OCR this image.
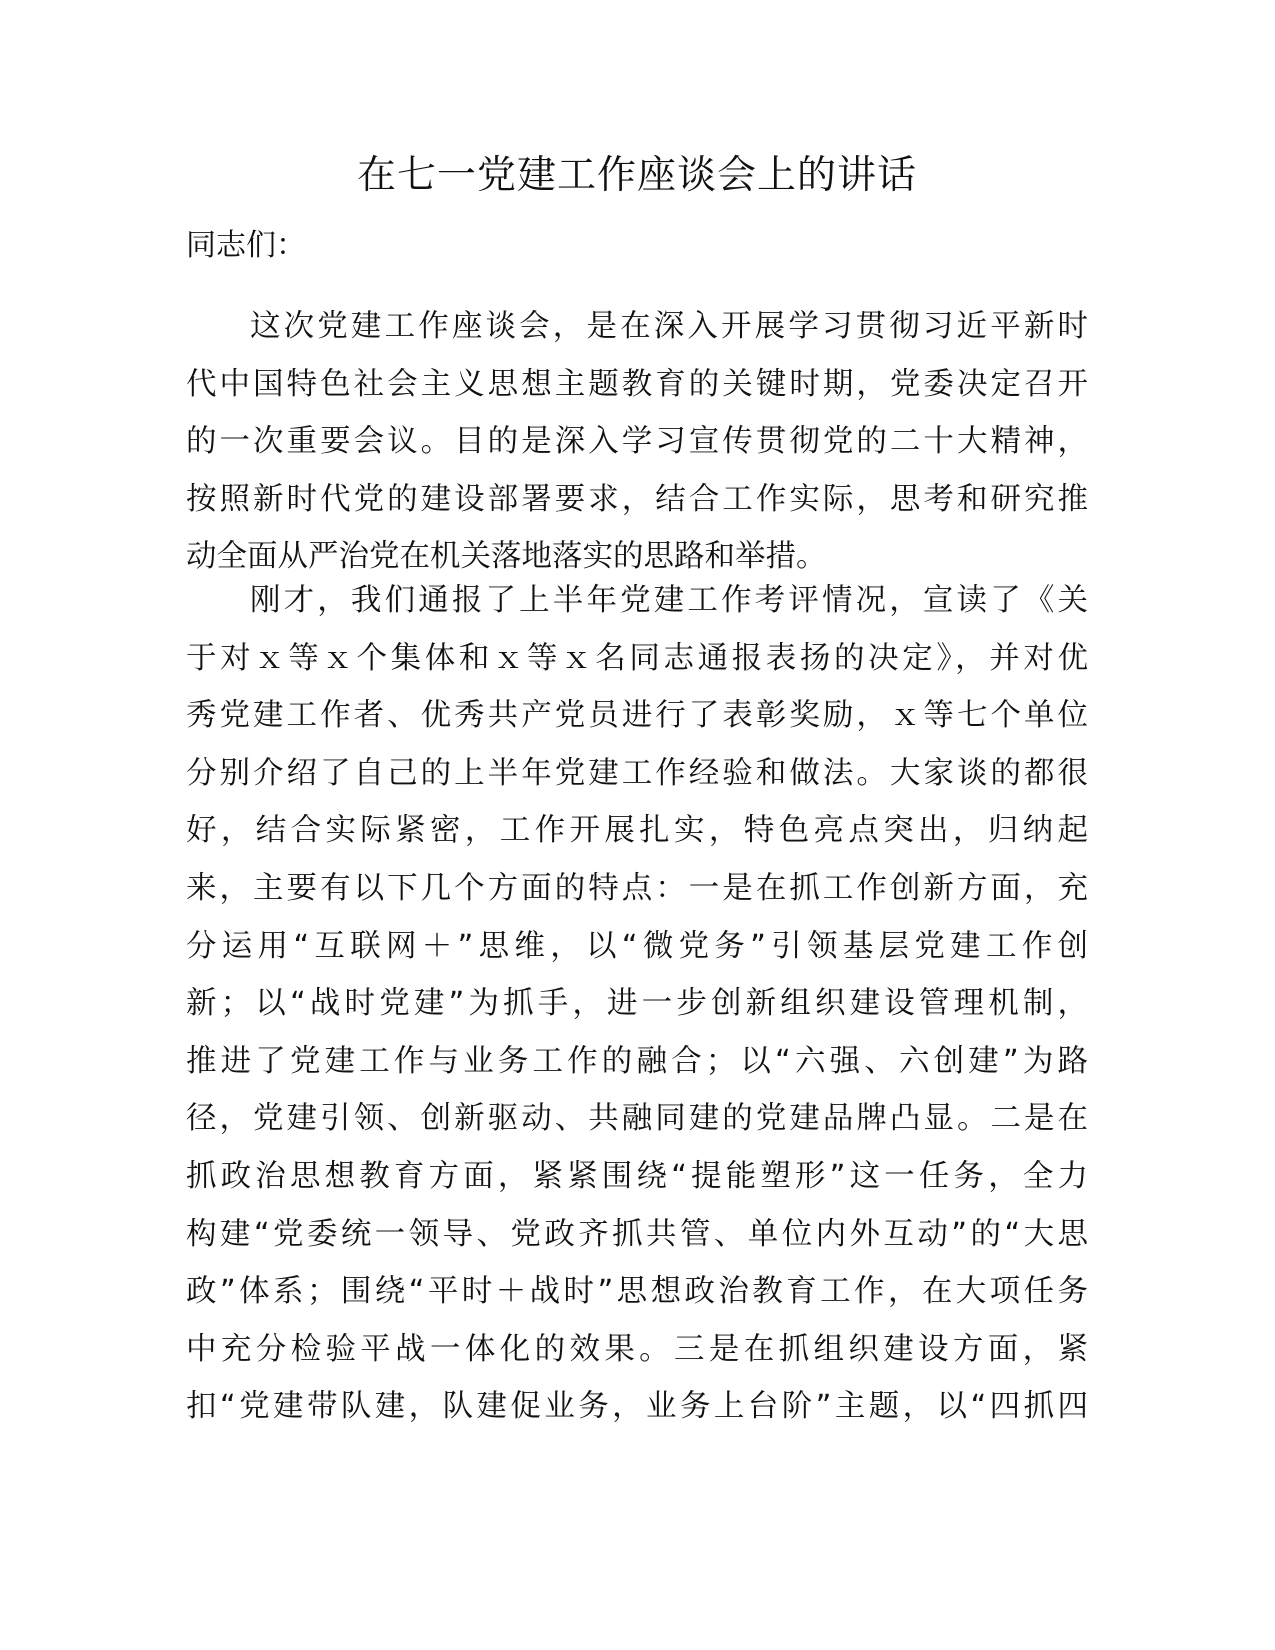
在七一党建工作座谈会上的讲话

同志们：

这次党建工作座谈会，是在深入开展学习贯彻习近平新时
代中国特色社会主义思想主题教育的关键时期，党委决定召开
的一次重要会议。目的是深入学习宣传贯彻党的二十大精神，
按照新时代党的建设部署要求，结合工作实际，思考和研究推
动全面从严治党在机关落地落实的思路和举措。
刚才，我们通报了上半年党建工作考评情况，宣读了《关
于对ｘ等ｘ个集体和ｘ等ｘ名同志通报表扬的决定》，并对优
秀党建工作者、优秀共产党员进行了表彰奖励，ｘ等七个单位
分别介绍了自己的上半年党建工作经验和做法。大家谈的都很
好，结合实际紧密，工作开展扎实，特色亮点突出，归纳起
来，主要有以下几个方面的特点：一是在抓工作创新方面，充
分运用“互联网＋”思维，以“微党务”引领基层党建工作创
新；以“战时党建”为抓手，进一步创新组织建设管理机制，
推进了党建工作与业务工作的融合；以“六强、六创建”为路
径，党建引领、创新驱动、共融同建的党建品牌凸显。二是在
抓政治思想教育方面，紧紧围绕“提能塑形”这一任务，全力
构建“党委统一领导、党政齐抓共管、单位内外互动”的“大思
政”体系；围绕“平时＋战时”思想政治教育工作，在大项任务
中充分检验平战一体化的效果。三是在抓组织建设方面，紧
扣“党建带队建，队建促业务，业务上台阶”主题，以“四抓四
